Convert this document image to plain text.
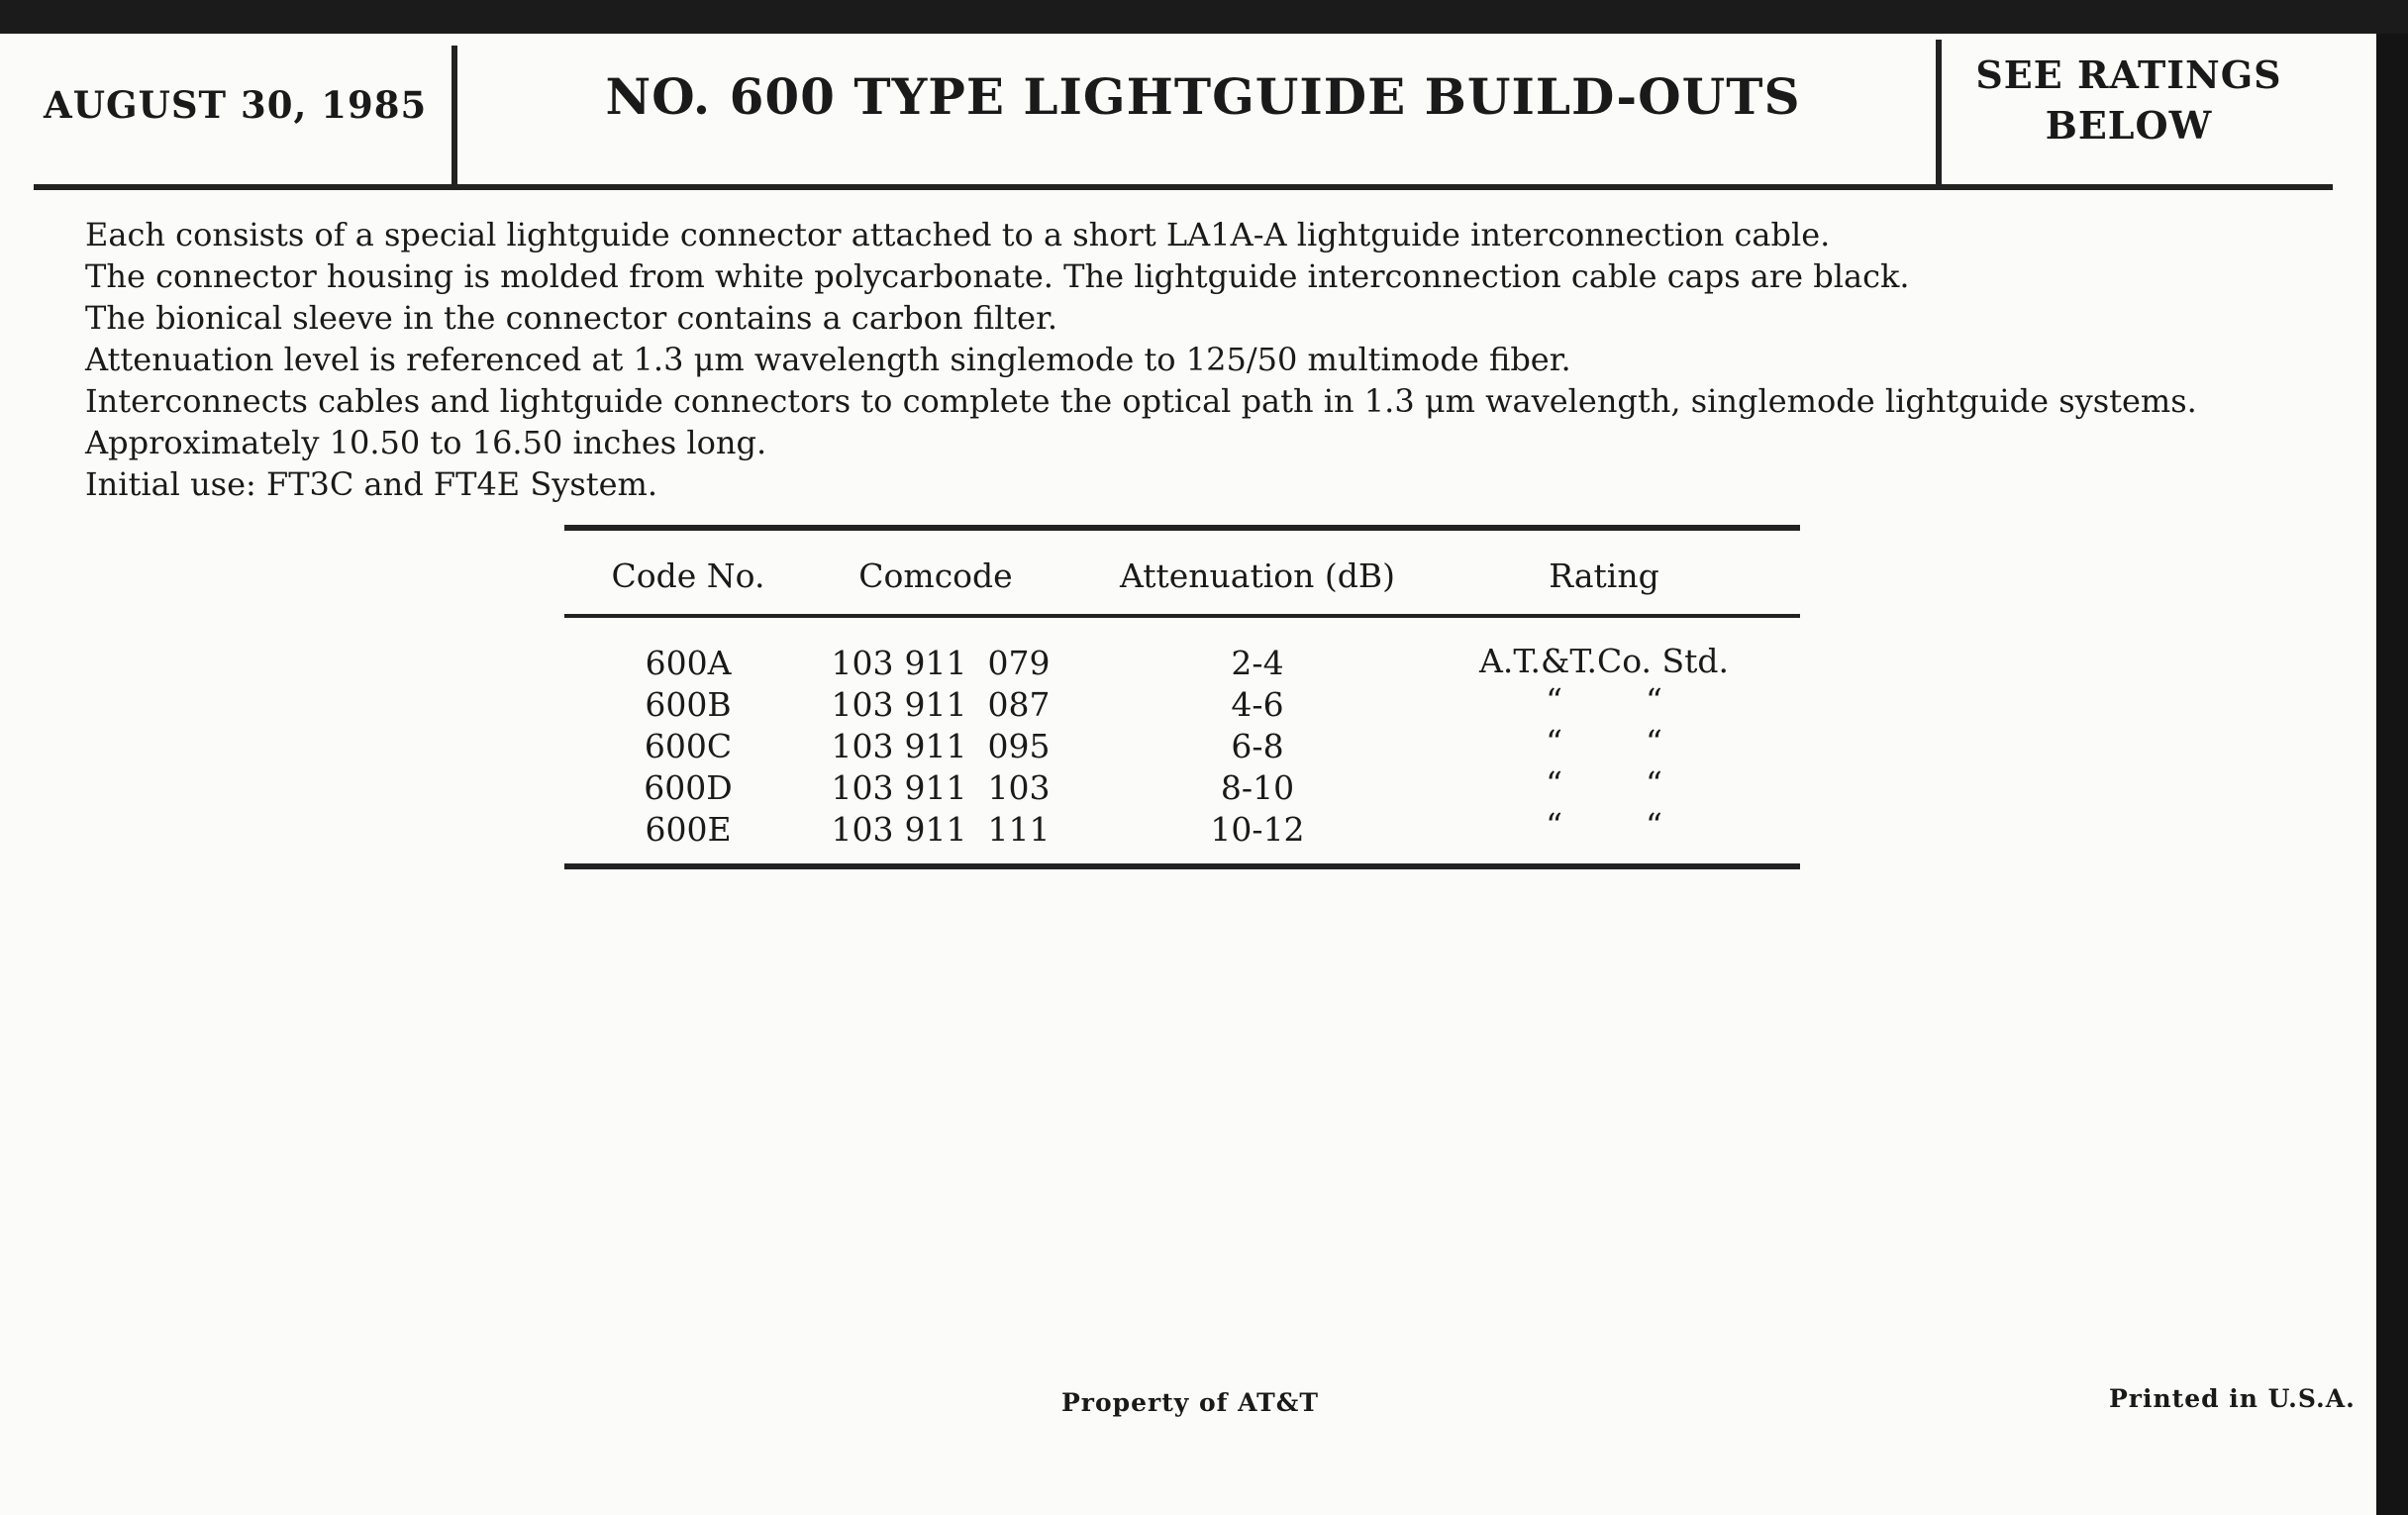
AUGUST 30, 1985	NO. 600 TYPE LIGHTGUIDE BUILD-OUTS	SEE RATINGS
BELOW
Each consists of a special lightguide connector attached to a short LA1A-A lightguide interconnection cable.
The connector housing is molded from white polycarbonate. The lightguide interconnection cable caps are black.
The bionical sleeve in the connector contains a carbon filter.
Attenuation level is referenced at 1.3 μm wavelength singlemode to 125/50 multimode fiber.
Interconnects cables and lightguide connectors to complete the optical path in 1.3 μm wavelength, singlemode lightguide systems.
Approximately 10.50 to 16.50 inches long.
Initial use: FT3C and FT4E System.
Code No.	Comcode	Attenuation (dB)	Rating
600A	103 911 079	2-4	A.T.&T.Co. Std.
600B	103 911 087	4-6	“        “
600C	103 911 095	6-8	“        “
600D	103 911 103	8-10	“        “
600E	103 911 111	10-12	“        “
Property of AT&T	Printed in U.S.A.
